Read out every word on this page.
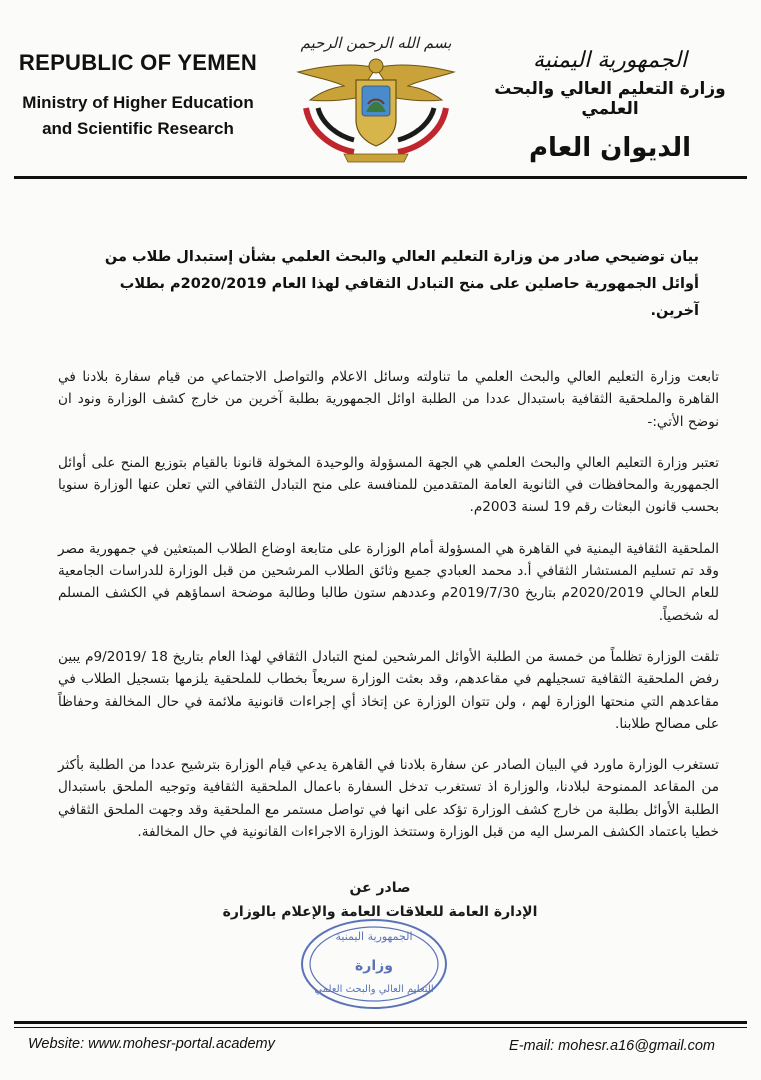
REPUBLIC OF YEMEN
Ministry of Higher Education
and Scientific Research
بسم الله الرحمن الرحيم
الجمهورية اليمنية
وزارة التعليم العالي والبحث العلمي
الديوان العام
بيان توضيحي صادر من وزارة التعليم العالي والبحث العلمي بشأن إستبدال طلاب من أوائل الجمهورية حاصلين على منح التبادل الثقافي لهذا العام 2020/2019م بطلاب آخرين.

تابعت وزارة التعليم العالي والبحث العلمي ما تناولته وسائل الاعلام والتواصل الاجتماعي من قيام سفارة بلادنا في القاهرة والملحقية الثقافية باستبدال عددا من الطلبة اوائل الجمهورية بطلبة آخرين من خارج كشف الوزارة ونود ان نوضح الأتي:-

تعتبر وزارة التعليم العالي والبحث العلمي هي الجهة المسؤولة والوحيدة المخولة قانونا بالقيام بتوزيع المنح على أوائل الجمهورية والمحافظات في الثانوية العامة المتقدمين للمنافسة على منح التبادل الثقافي التي تعلن عنها الوزارة سنويا بحسب قانون البعثات رقم 19 لسنة 2003م.

الملحقية الثقافية اليمنية في القاهرة هي المسؤولة أمام الوزارة على متابعة اوضاع الطلاب المبتعثين في جمهورية مصر وقد تم تسليم المستشار الثقافي أ.د محمد العبادي جميع وثائق الطلاب المرشحين من قبل الوزارة للدراسات الجامعية للعام الحالي 2020/2019م بتاريخ 2019/7/30م وعددهم ستون طالبا وطالبة موضحة اسماؤهم في الكشف المسلم له شخصياً.

تلقت الوزارة تظلماً من خمسة من الطلبة الأوائل المرشحين لمنح التبادل الثقافي لهذا العام بتاريخ 18 /9/2019م يبين رفض الملحقية الثقافية تسجيلهم في مقاعدهم، وقد بعثت الوزارة سريعاً بخطاب للملحقية يلزمها بتسجيل الطلاب في مقاعدهم التي منحتها الوزارة لهم ، ولن تتوان الوزارة عن إتخاذ أي إجراءات قانونية ملائمة في حال المخالفة وحفاظاً على مصالح طلابنا.

تستغرب الوزارة ماورد في البيان الصادر عن سفارة بلادنا في القاهرة يدعي قيام الوزارة بترشيح عددا من الطلبة بأكثر من المقاعد الممنوحة لبلادنا، والوزارة اذ تستغرب تدخل السفارة باعمال الملحقية الثقافية وتوجيه الملحق باستبدال الطلبة الأوائل بطلبة من خارج كشف الوزارة تؤكد على انها في تواصل مستمر مع الملحقية وقد وجهت الملحق الثقافي خطيا باعتماد الكشف المرسل اليه من قبل الوزارة وستتخذ الوزارة الاجراءات القانونية في حال المخالفة.

صادر عن
الإدارة العامة للعلاقات العامة والإعلام بالوزارة
الجمهورية اليمنية
وزارة
التعليم العالي والبحث العلمي
Website: www.mohesr-portal.academy	E-mail: mohesr.a16@gmail.com
